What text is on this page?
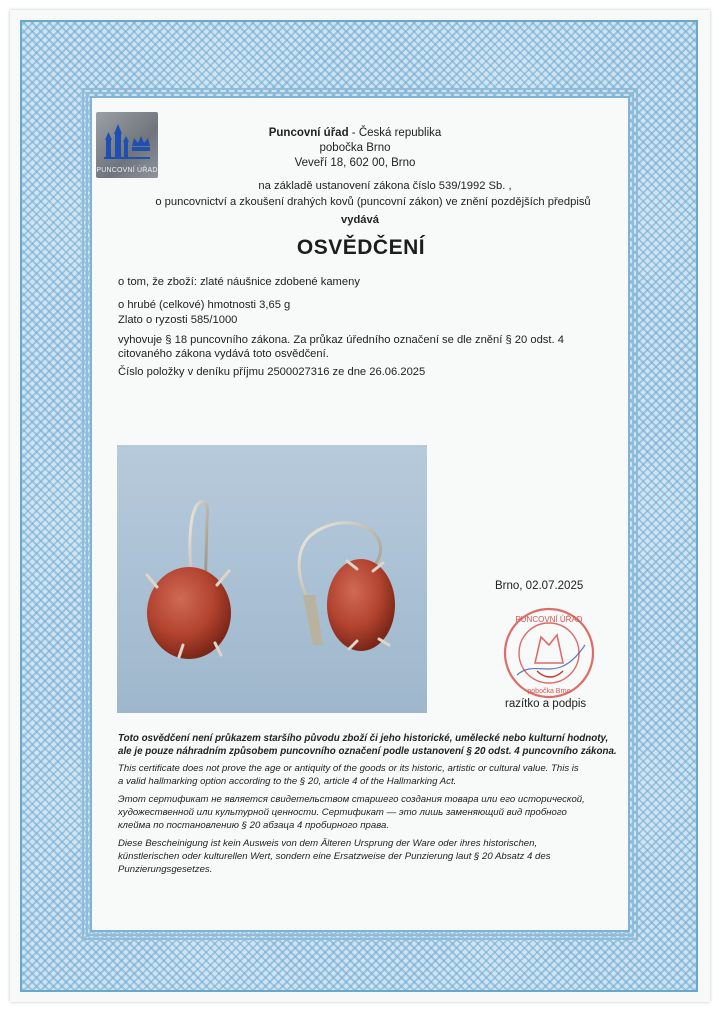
PUNCOVNÍ ÚŘAD
Puncovní úřad - Česká republika
pobočka Brno
Veveří 18, 602 00, Brno
na základě ustanovení zákona číslo 539/1992 Sb. ,
o puncovnictví a zkoušení drahých kovů (puncovní zákon) ve znění pozdějších předpisů
vydává
OSVĚDČENÍ
o tom, že zboží: zlaté náušnice zdobené kameny
o hrubé (celkové) hmotnosti 3,65 g
Zlato o ryzosti 585/1000
vyhovuje § 18 puncovního zákona. Za průkaz úředního označení se dle znění § 20 odst. 4
citovaného zákona vydává toto osvědčení.
Číslo položky v deníku příjmu 2500027316 ze dne 26.06.2025
Brno, 02.07.2025
PUNCOVNÍ ÚŘAD
pobočka Brno
razítko a podpis
Toto osvědčení není průkazem staršího původu zboží či jeho historické, umělecké nebo kulturní hodnoty,
ale je pouze náhradním způsobem puncovního označení podle ustanovení § 20 odst. 4 puncovního zákona.
This certificate does not prove the age or antiquity of the goods or its historic, artistic or cultural value. This is
a valid hallmarking option according to the § 20, article 4 of the Hallmarking Act.
Этот сертификат не является свидетельством старшего создания товара или его исторической,
художественной или культурной ценности. Сертификат — это лишь заменяющий вид пробного
клейма по постановлению § 20 абзаца 4 пробирного права.
Diese Bescheinigung ist kein Ausweis von dem Älteren Ursprung der Ware oder ihres historischen,
künstlerischen oder kulturellen Wert, sondern eine Ersatzweise der Punzierung laut § 20 Absatz 4 des
Punzierungsgesetzes.
